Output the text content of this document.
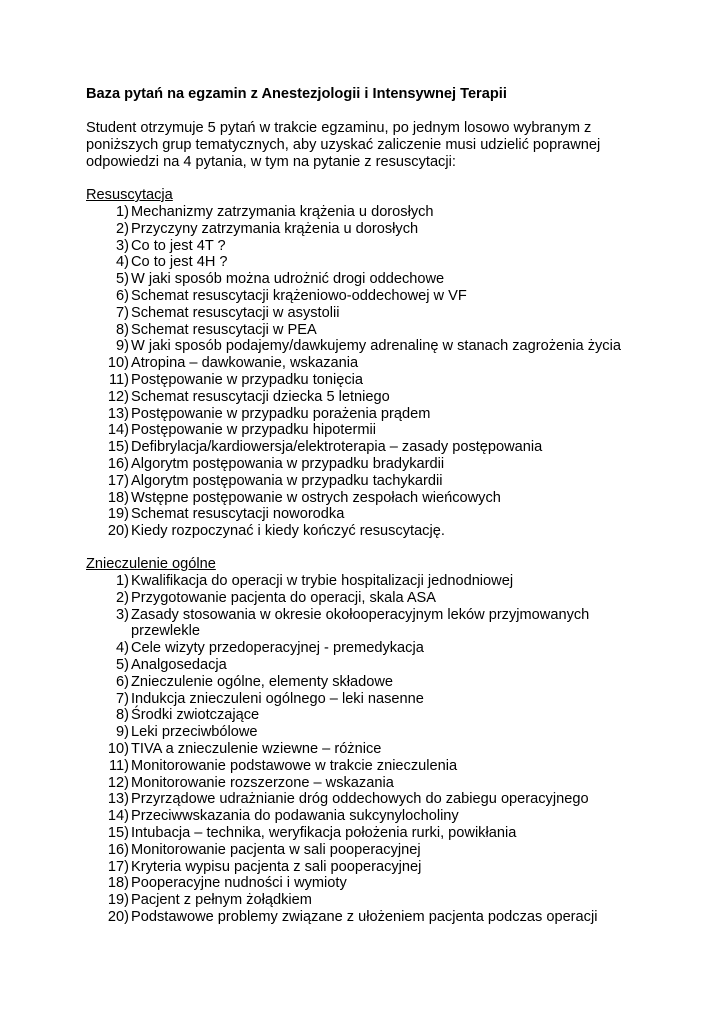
Baza pytań na egzamin z Anestezjologii i Intensywnej Terapii

Student otrzymuje 5 pytań w trakcie egzaminu, po jednym losowo wybranym z
poniższych grup tematycznych, aby uzyskać zaliczenie musi udzielić poprawnej
odpowiedzi na 4 pytania, w tym na pytanie z resuscytacji:

Resuscytacja

1) Mechanizmy zatrzymania krążenia u dorosłych
2) Przyczyny zatrzymania krążenia u dorosłych
3) Co to jest 4T ?
4) Co to jest 4H ?
5) W jaki sposób można udrożnić drogi oddechowe
6) Schemat resuscytacji krążeniowo-oddechowej w VF
7) Schemat resuscytacji w asystolii
8) Schemat resuscytacji w PEA
9) W jaki sposób podajemy/dawkujemy adrenalinę w stanach zagrożenia życia
10) Atropina – dawkowanie, wskazania
11) Postępowanie w przypadku tonięcia
12) Schemat resuscytacji dziecka 5 letniego
13) Postępowanie w przypadku porażenia prądem
14) Postępowanie w przypadku hipotermii
15) Defibrylacja/kardiowersja/elektroterapia – zasady postępowania
16) Algorytm postępowania w przypadku bradykardii
17) Algorytm postępowania w przypadku tachykardii
18) Wstępne postępowanie w ostrych zespołach wieńcowych
19) Schemat resuscytacji noworodka
20) Kiedy rozpoczynać i kiedy kończyć resuscytację.

Znieczulenie ogólne

1) Kwalifikacja do operacji w trybie hospitalizacji jednodniowej
2) Przygotowanie pacjenta do operacji, skala ASA
3) Zasady stosowania w okresie okołooperacyjnym leków przyjmowanych
przewlekle
4) Cele wizyty przedoperacyjnej - premedykacja
5) Analgosedacja
6) Znieczulenie ogólne, elementy składowe
7) Indukcja znieczuleni ogólnego – leki nasenne
8) Środki zwiotczające
9) Leki przeciwbólowe
10) TIVA a znieczulenie wziewne – różnice
11) Monitorowanie podstawowe w trakcie znieczulenia
12) Monitorowanie rozszerzone – wskazania
13) Przyrządowe udrażnianie dróg oddechowych do zabiegu operacyjnego
14) Przeciwwskazania do podawania sukcynylocholiny
15) Intubacja – technika, weryfikacja położenia rurki, powikłania
16) Monitorowanie pacjenta w sali pooperacyjnej
17) Kryteria wypisu pacjenta z sali pooperacyjnej
18) Pooperacyjne nudności i wymioty
19) Pacjent z pełnym żołądkiem
20) Podstawowe problemy związane z ułożeniem pacjenta podczas operacji
